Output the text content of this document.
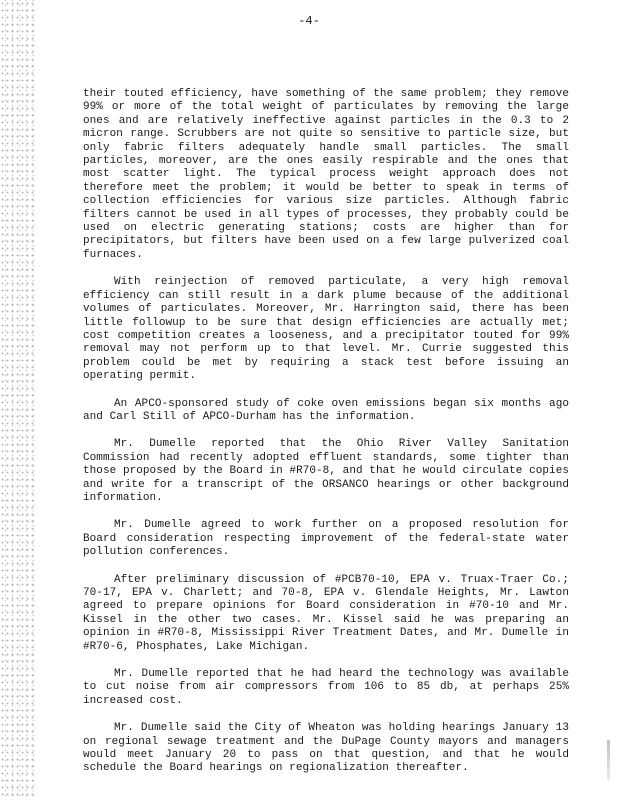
-4-

their touted efficiency, have something of the same problem; they remove 99% or more of the total weight of particulates by removing the large ones and are relatively ineffective against particles in the 0.3 to 2 micron range. Scrubbers are not quite so sensitive to particle size, but only fabric filters adequately handle small particles. The small particles, moreover, are the ones easily respirable and the ones that most scatter light. The typical process weight approach does not therefore meet the problem; it would be better to speak in terms of collection efficiencies for various size particles. Although fabric filters cannot be used in all types of processes, they probably could be used on electric generating stations; costs are higher than for precipitators, but filters have been used on a few large pulverized coal furnaces.

With reinjection of removed particulate, a very high removal efficiency can still result in a dark plume because of the additional volumes of particulates. Moreover, Mr. Harrington said, there has been little followup to be sure that design efficiencies are actually met; cost competition creates a looseness, and a precipitator touted for 99% removal may not perform up to that level. Mr. Currie suggested this problem could be met by requiring a stack test before issuing an operating permit.

An APCO-sponsored study of coke oven emissions began six months ago and Carl Still of APCO-Durham has the information.

Mr. Dumelle reported that the Ohio River Valley Sanitation Commission had recently adopted effluent standards, some tighter than those proposed by the Board in #R70-8, and that he would circulate copies and write for a transcript of the ORSANCO hearings or other background information.

Mr. Dumelle agreed to work further on a proposed resolution for Board consideration respecting improvement of the federal-state water pollution conferences.

After preliminary discussion of #PCB70-10, EPA v. Truax-Traer Co.; 70-17, EPA v. Charlett; and 70-8, EPA v. Glendale Heights, Mr. Lawton agreed to prepare opinions for Board consideration in #70-10 and Mr. Kissel in the other two cases. Mr. Kissel said he was preparing an opinion in #R70-8, Mississippi River Treatment Dates, and Mr. Dumelle in #R70-6, Phosphates, Lake Michigan.

Mr. Dumelle reported that he had heard the technology was available to cut noise from air compressors from 106 to 85 db, at perhaps 25% increased cost.

Mr. Dumelle said the City of Wheaton was holding hearings January 13 on regional sewage treatment and the DuPage County mayors and managers would meet January 20 to pass on that question, and that he would schedule the Board hearings on regionalization thereafter.
